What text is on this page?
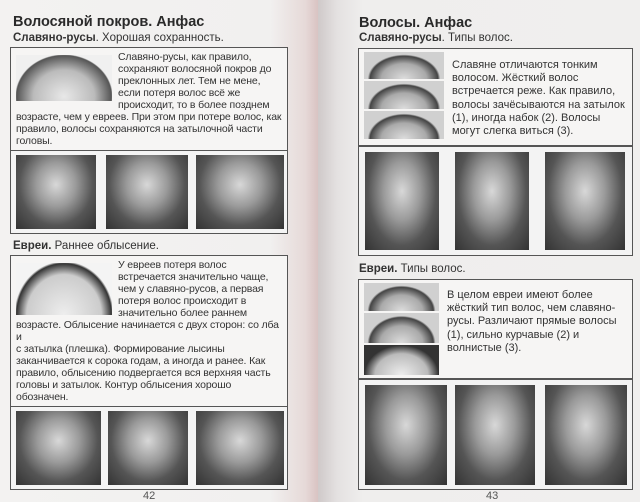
Волосяной покров. Анфас
Славяно-русы. Хорошая сохранность.
Славяно-русы, как правило, сохраняют волосяной покров до преклонных лет. Тем не мене, если потеря волос всё же происходит, то в более позднем
возрасте, чем у евреев. При этом при потере волос, как правило, волосы сохраняются на затылочной части головы.
Евреи. Раннее облысение.
У евреев потеря волос встречается значительно чаще, чем у славяно-русов, а первая потеря волос происходит в значительно более раннем возрасте. Облысение начинается с двух сторон: со лба и
с затылка (плешка). Формирование лысины заканчивается к сорока годам, а иногда и ранее. Как правило, облысению подвергается вся верхняя часть головы и затылок. Контур облысения хорошо обозначен.
42
Волосы. Анфас
Славяно-русы. Типы волос.
Славяне отличаются тонким волосом. Жёсткий волос встречается реже. Как правило, волосы зачёсываются на затылок (1), иногда набок (2). Волосы могут слегка виться (3).
Евреи. Типы волос.
В целом евреи имеют более жёсткий тип волос, чем славяно-русы. Различают прямые волосы (1), сильно курчавые (2) и волнистые (3).
43
